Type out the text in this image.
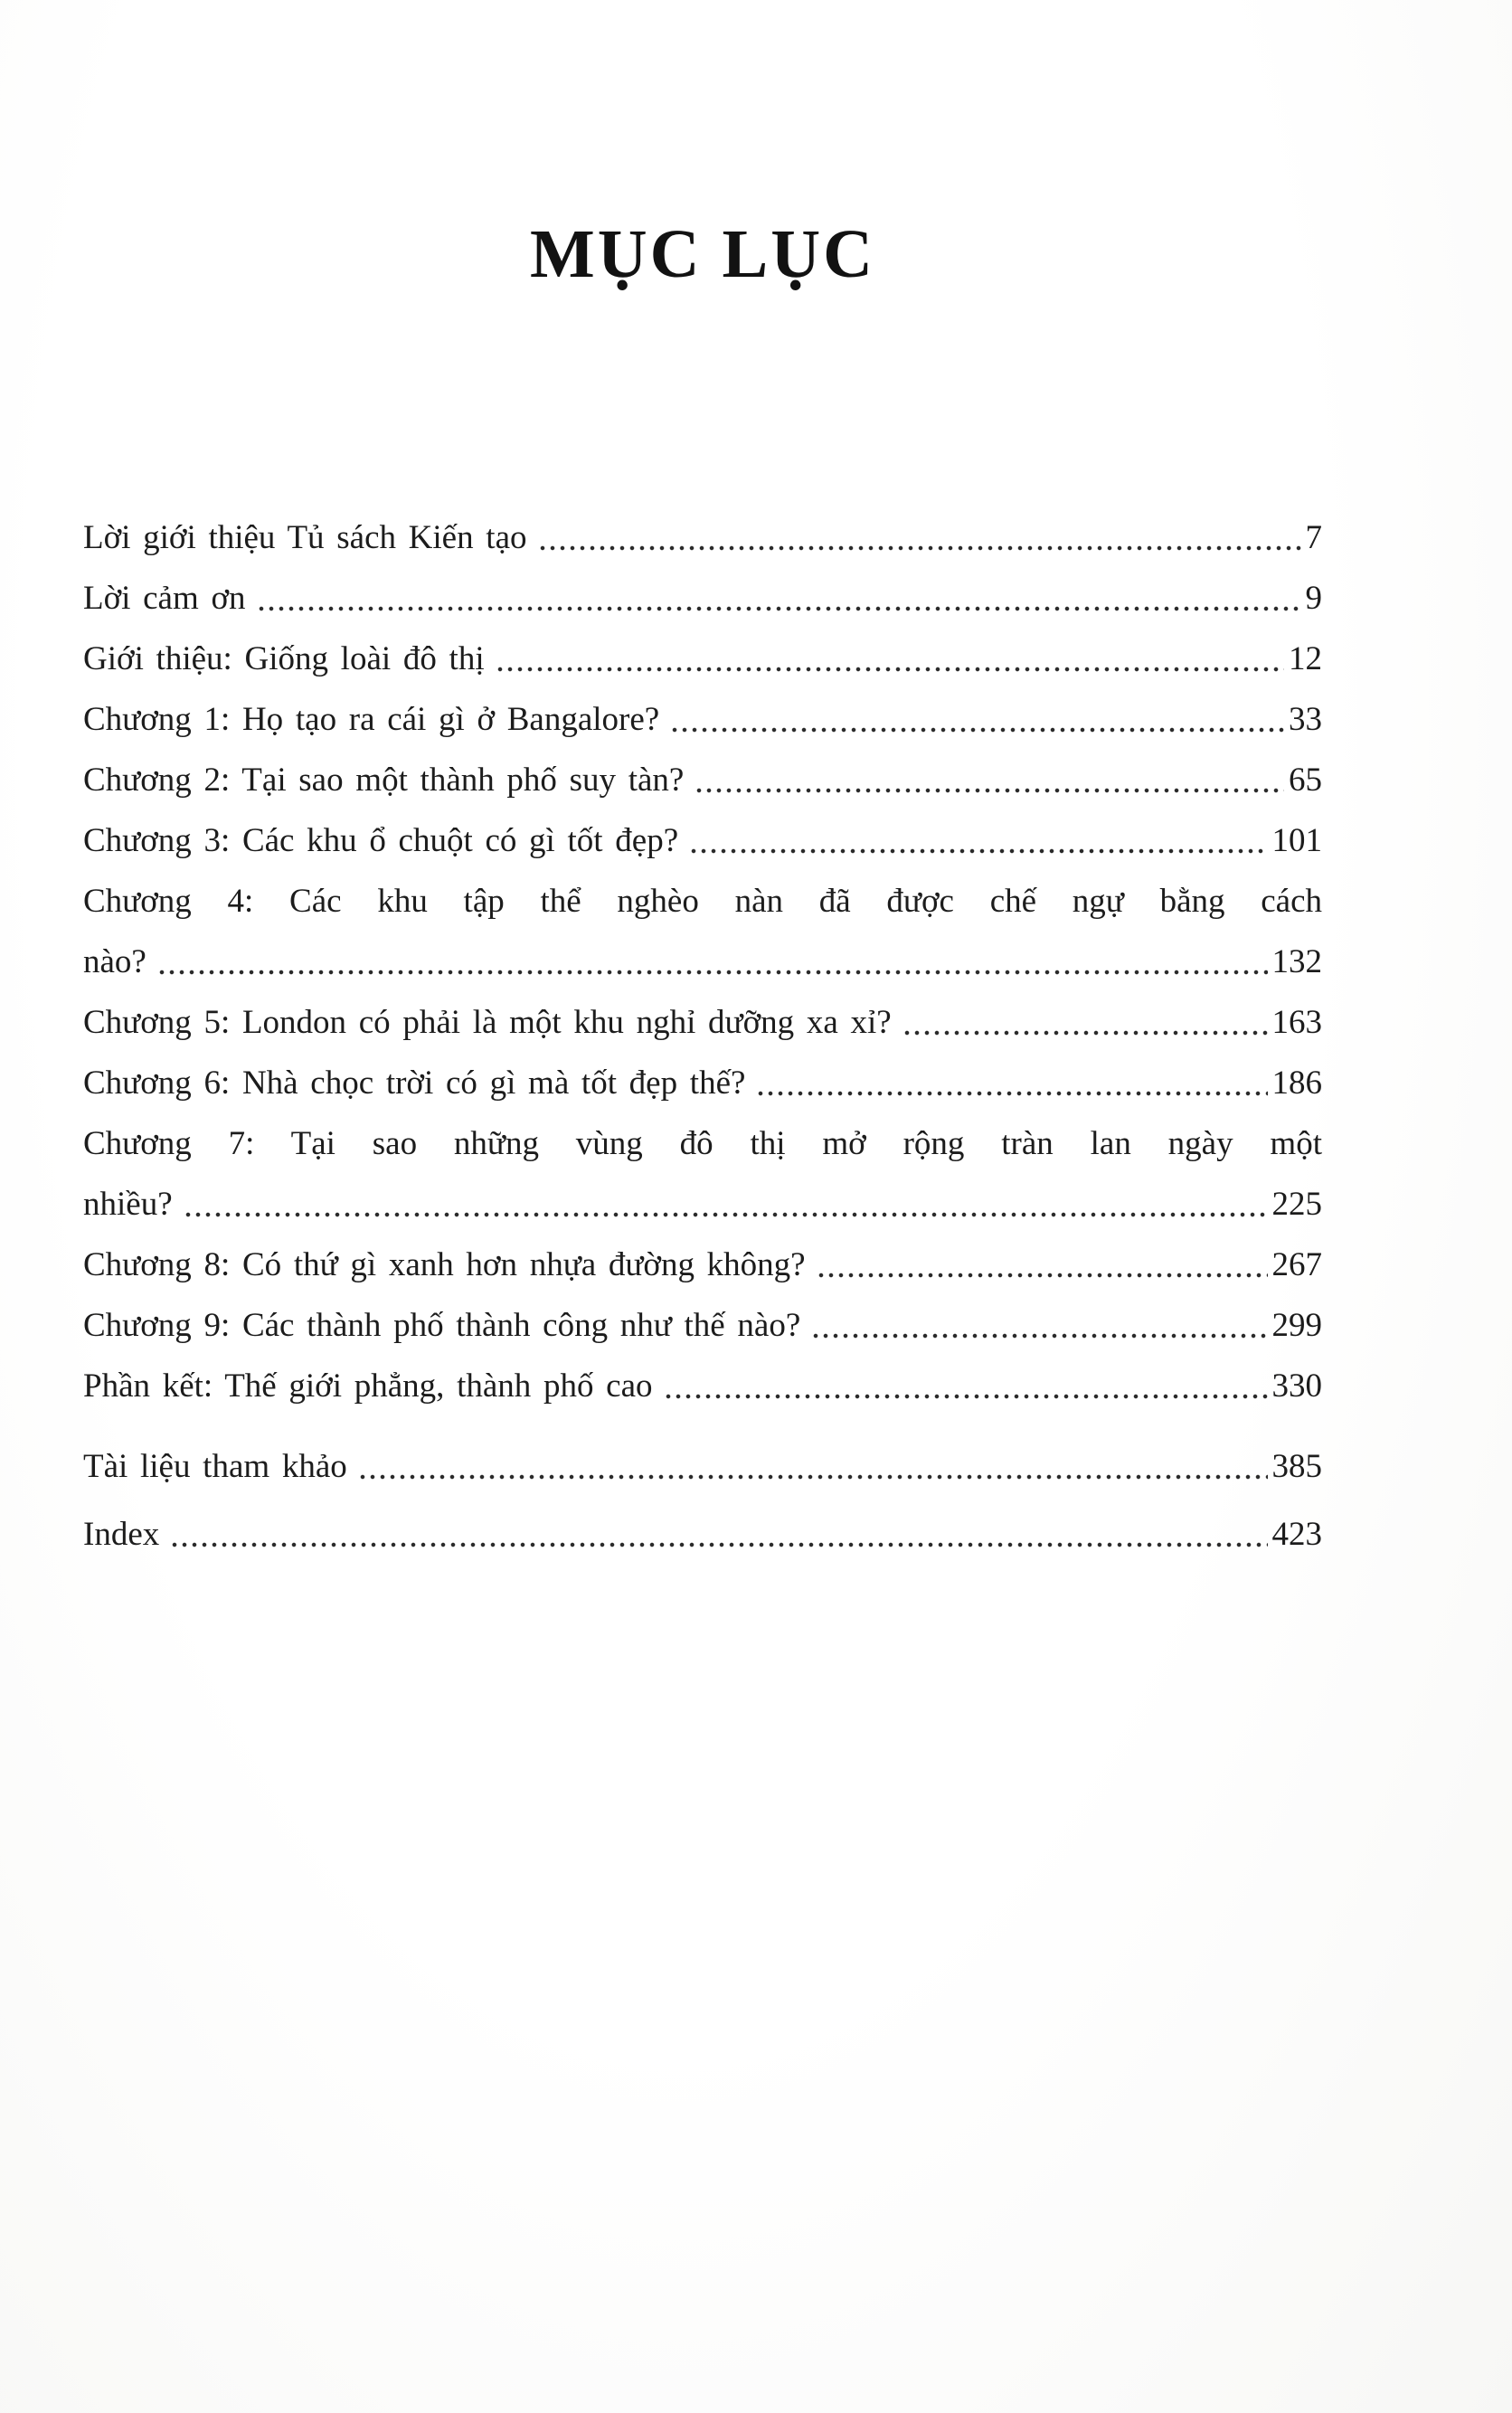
MỤC LỤC
Lời giới thiệu Tủ sách Kiến tạo	7
Lời cảm ơn	9
Giới thiệu: Giống loài đô thị	12
Chương 1: Họ tạo ra cái gì ở Bangalore?	33
Chương 2: Tại sao một thành phố suy tàn?	65
Chương 3: Các khu ổ chuột có gì tốt đẹp?	101
Chương 4: Các khu tập thể nghèo nàn đã được chế ngự bằng cách
nào?	132
Chương 5: London có phải là một khu nghỉ dưỡng xa xỉ?	163
Chương 6: Nhà chọc trời có gì mà tốt đẹp thế?	186
Chương 7: Tại sao những vùng đô thị mở rộng tràn lan ngày một
nhiều?	225
Chương 8: Có thứ gì xanh hơn nhựa đường không?	267
Chương 9: Các thành phố thành công như thế nào?	299
Phần kết: Thế giới phẳng, thành phố cao	330
Tài liệu tham khảo	385
Index	423
